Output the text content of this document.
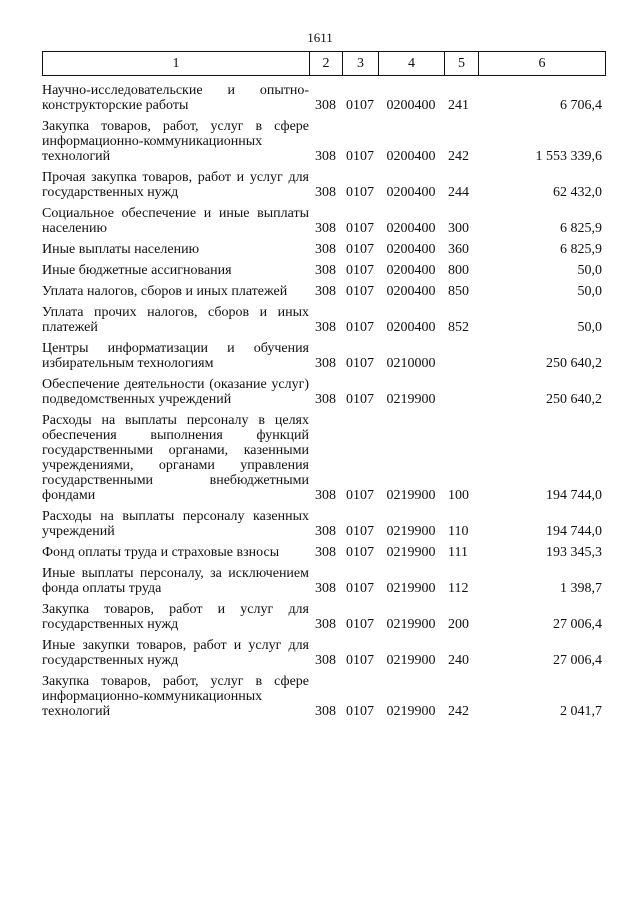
1611
1	2	3	4	5	6
Научно-исследовательские и опытно-конструкторские работы	308	0107	0200400	241	6 706,4
Закупка товаров, работ, услуг в сфере информационно-коммуникационных технологий	308	0107	0200400	242	1 553 339,6
Прочая закупка товаров, работ и услуг для государственных нужд	308	0107	0200400	244	62 432,0
Социальное обеспечение и иные выплаты населению	308	0107	0200400	300	6 825,9
Иные выплаты населению	308	0107	0200400	360	6 825,9
Иные бюджетные ассигнования	308	0107	0200400	800	50,0
Уплата налогов, сборов и иных платежей	308	0107	0200400	850	50,0
Уплата прочих налогов, сборов и иных платежей	308	0107	0200400	852	50,0
Центры информатизации и обучения избирательным технологиям	308	0107	0210000		250 640,2
Обеспечение деятельности (оказание услуг) подведомственных учреждений	308	0107	0219900		250 640,2
Расходы на выплаты персоналу в целях обеспечения выполнения функций государственными органами, казенными учреждениями, органами управления государственными внебюджетными фондами	308	0107	0219900	100	194 744,0
Расходы на выплаты персоналу казенных учреждений	308	0107	0219900	110	194 744,0
Фонд оплаты труда и страховые взносы	308	0107	0219900	111	193 345,3
Иные выплаты персоналу, за исключением фонда оплаты труда	308	0107	0219900	112	1 398,7
Закупка товаров, работ и услуг для государственных нужд	308	0107	0219900	200	27 006,4
Иные закупки товаров, работ и услуг для государственных нужд	308	0107	0219900	240	27 006,4
Закупка товаров, работ, услуг в сфере информационно-коммуникационных технологий	308	0107	0219900	242	2 041,7
